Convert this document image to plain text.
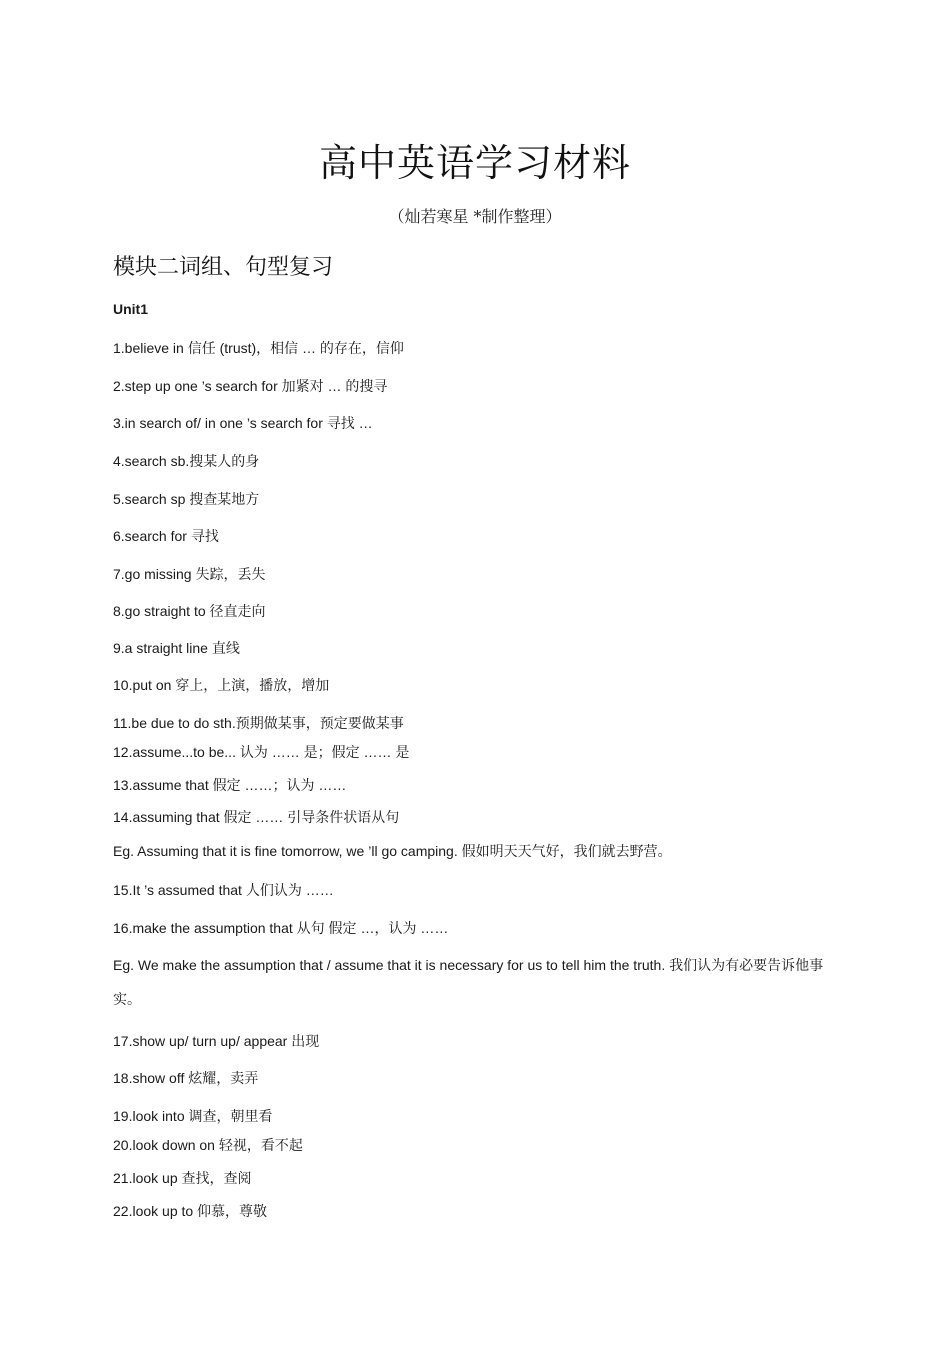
高中英语学习材料
（灿若寒星 *制作整理）
模块二词组、句型复习
Unit1
1.believe in 信任 (trust)，相信 … 的存在，信仰
2.step up one ’s search for 加紧对 … 的搜寻
3.in search of/ in one ’s search for 寻找 …
4.search sb.搜某人的身
5.search sp 搜查某地方
6.search for 寻找
7.go missing 失踪，丢失
8.go straight to 径直走向
9.a straight line 直线
10.put on 穿上，上演，播放，增加
11.be due to do sth.预期做某事，预定要做某事
12.assume...to be... 认为 …… 是；假定 …… 是
13.assume that 假定 ……；认为 ……
14.assuming that 假定 …… 引导条件状语从句
Eg. Assuming that it is fine tomorrow, we ’ll go camping. 假如明天天气好，我们就去野营。
15.It ’s assumed that 人们认为 ……
16.make the assumption that 从句 假定 …，认为 ……
Eg. We make the assumption that / assume that it is necessary for us to tell him the truth. 我们认为有必要告诉他事实。
17.show up/ turn up/ appear 出现
18.show off 炫耀，卖弄
19.look into 调查，朝里看
20.look down on 轻视，看不起
21.look up 查找，查阅
22.look up to 仰慕，尊敬
